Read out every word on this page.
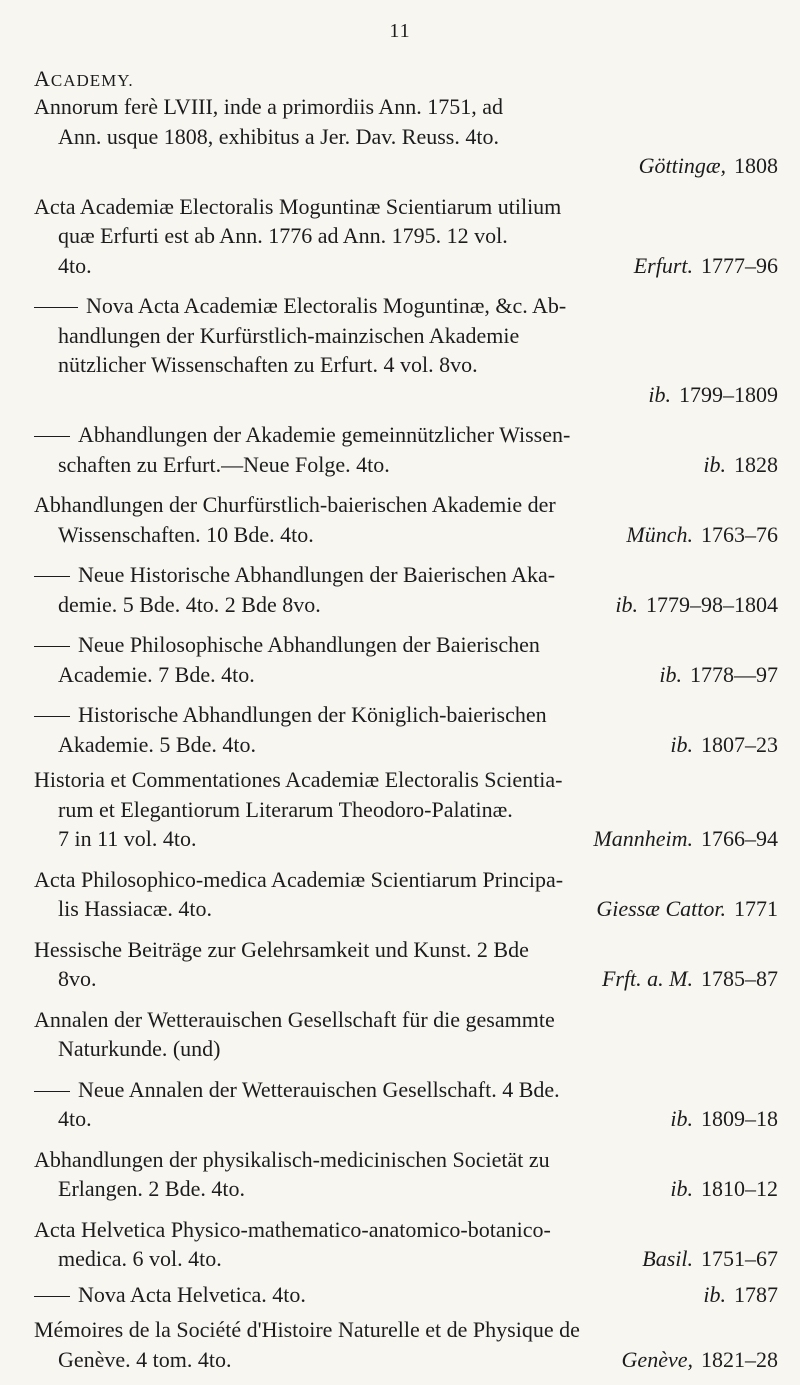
11
ACADEMY.
Annorum ferè LVIII, inde a primordiis Ann. 1751, ad
Ann. usque 1808, exhibitus a Jer. Dav. Reuss. 4to.
Göttingæ, 1808

Acta Academiæ Electoralis Moguntinæ Scientiarum utilium
quæ Erfurti est ab Ann. 1776 ad Ann. 1795. 12 vol.
Erfurt. 1777–96
4to.
Nova Acta Academiæ Electoralis Moguntinæ, &c. Ab-
handlungen der Kurfürstlich-mainzischen Akademie
nützlicher Wissenschaften zu Erfurt. 4 vol. 8vo.
ib. 1799–1809

Abhandlungen der Akademie gemeinnützlicher Wissen-
ib. 1828
schaften zu Erfurt.—Neue Folge. 4to.
Abhandlungen der Churfürstlich-baierischen Akademie der
Münch. 1763–76
Wissenschaften. 10 Bde. 4to.
Neue Historische Abhandlungen der Baierischen Aka-
ib. 1779–98–1804
demie. 5 Bde. 4to. 2 Bde 8vo.
Neue Philosophische Abhandlungen der Baierischen
ib. 1778—97
Academie. 7 Bde. 4to.
Historische Abhandlungen der Königlich-baierischen
ib. 1807–23
Akademie. 5 Bde. 4to.
Historia et Commentationes Academiæ Electoralis Scientia-
rum et Elegantiorum Literarum Theodoro-Palatinæ.
Mannheim. 1766–94
7 in 11 vol. 4to.
Acta Philosophico-medica Academiæ Scientiarum Principa-
Giessæ Cattor. 1771
lis Hassiacæ. 4to.
Hessische Beiträge zur Gelehrsamkeit und Kunst. 2 Bde
Frft. a. M. 1785–87
8vo.
Annalen der Wetterauischen Gesellschaft für die gesammte
Naturkunde. (und)
Neue Annalen der Wetterauischen Gesellschaft. 4 Bde.
ib. 1809–18
4to.
Abhandlungen der physikalisch-medicinischen Societät zu
ib. 1810–12
Erlangen. 2 Bde. 4to.
Acta Helvetica Physico-mathematico-anatomico-botanico-
Basil. 1751–67
medica. 6 vol. 4to.
ib. 1787
Nova Acta Helvetica. 4to.
Mémoires de la Société d'Histoire Naturelle et de Physique de
Genève, 1821–28
Genève. 4 tom. 4to.
